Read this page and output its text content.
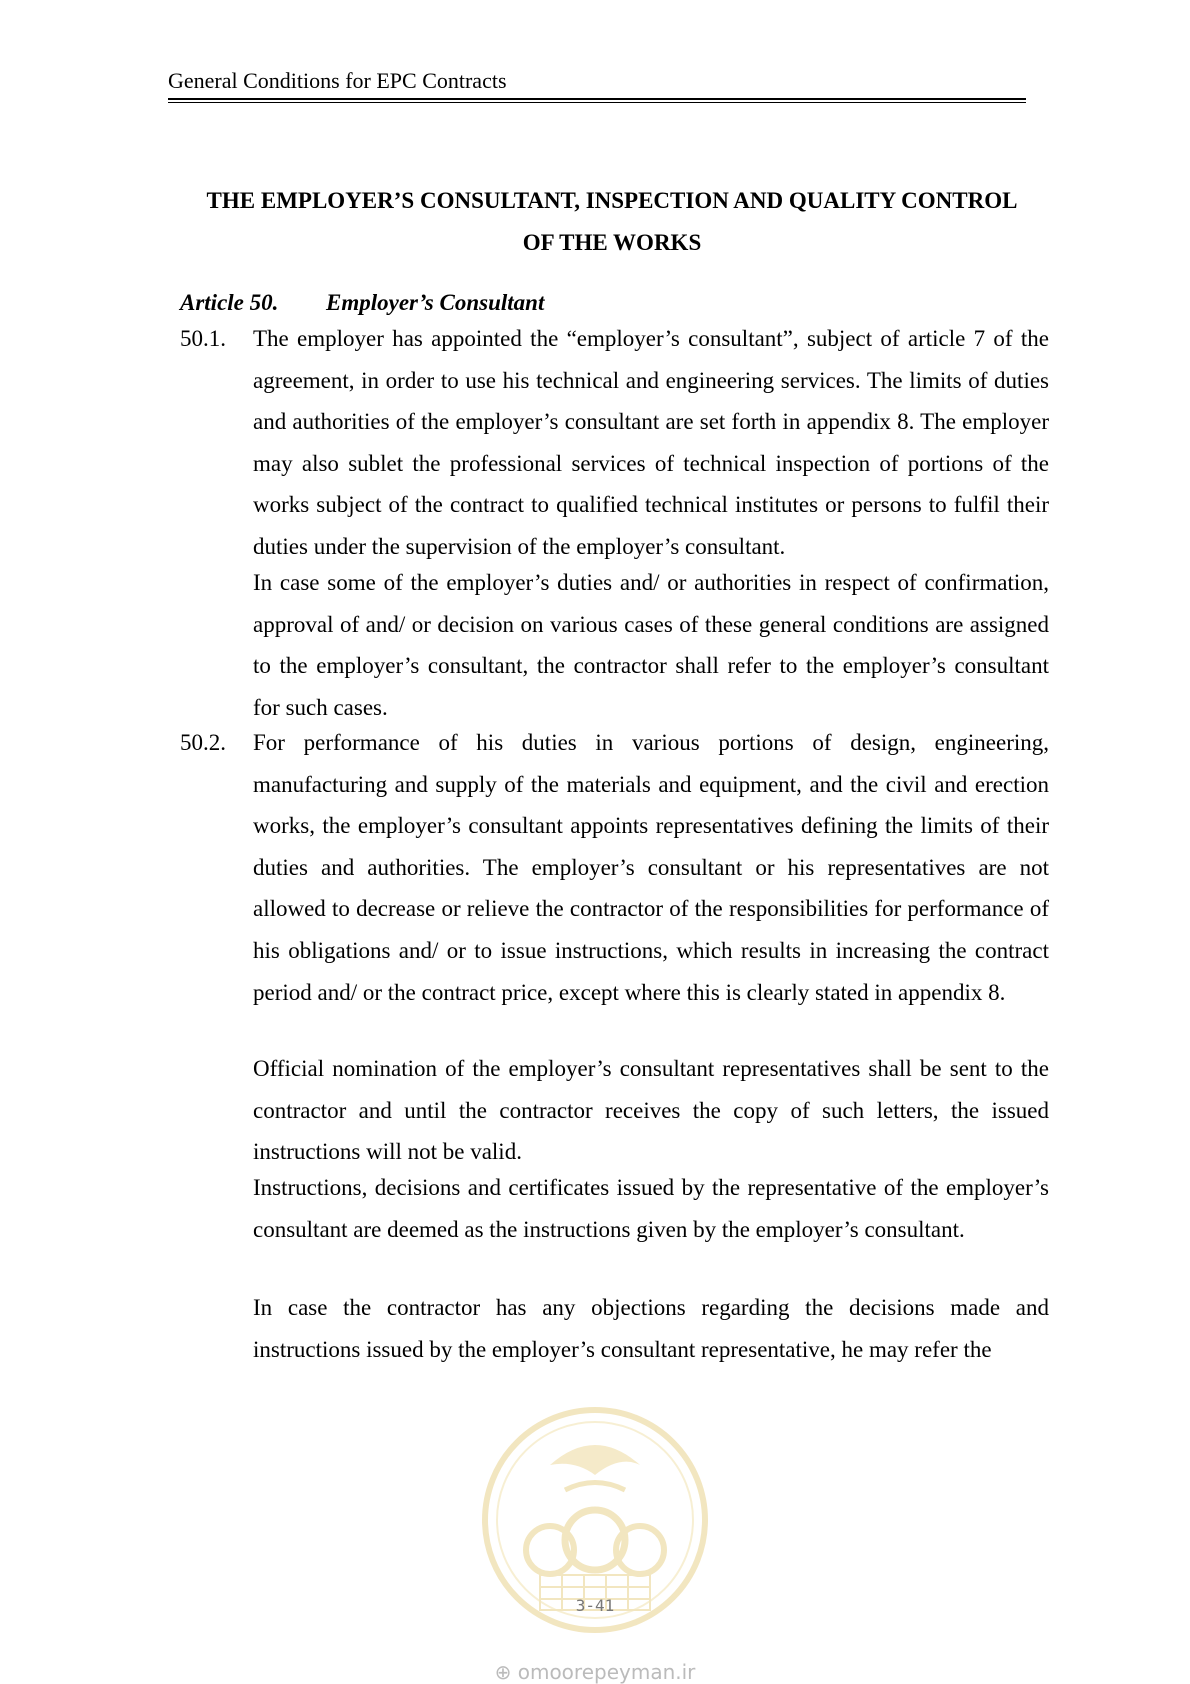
General Conditions for EPC Contracts
THE EMPLOYER’S CONSULTANT, INSPECTION AND QUALITY CONTROL
OF THE WORKS
Article 50. Employer’s Consultant
50.1. The employer has appointed the “employer’s consultant”, subject of article 7 of the agreement, in order to use his technical and engineering services. The limits of duties and authorities of the employer’s consultant are set forth in appendix 8. The employer may also sublet the professional services of technical inspection of portions of the works subject of the contract to qualified technical institutes or persons to fulfil their duties under the supervision of the employer’s consultant.
In case some of the employer’s duties and/ or authorities in respect of confirmation, approval of and/ or decision on various cases of these general conditions are assigned to the employer’s consultant, the contractor shall refer to the employer’s consultant for such cases.
50.2. For performance of his duties in various portions of design, engineering, manufacturing and supply of the materials and equipment, and the civil and erection works, the employer’s consultant appoints representatives defining the limits of their duties and authorities. The employer’s consultant or his representatives are not allowed to decrease or relieve the contractor of the responsibilities for performance of his obligations and/ or to issue instructions, which results in increasing the contract period and/ or the contract price, except where this is clearly stated in appendix 8.
Official nomination of the employer’s consultant representatives shall be sent to the contractor and until the contractor receives the copy of such letters, the issued instructions will not be valid.
Instructions, decisions and certificates issued by the representative of the employer’s consultant are deemed as the instructions given by the employer’s consultant.
In case the contractor has any objections regarding the decisions made and instructions issued by the employer’s consultant representative, he may refer the
3-41
⊕ omoorepeyman.ir
